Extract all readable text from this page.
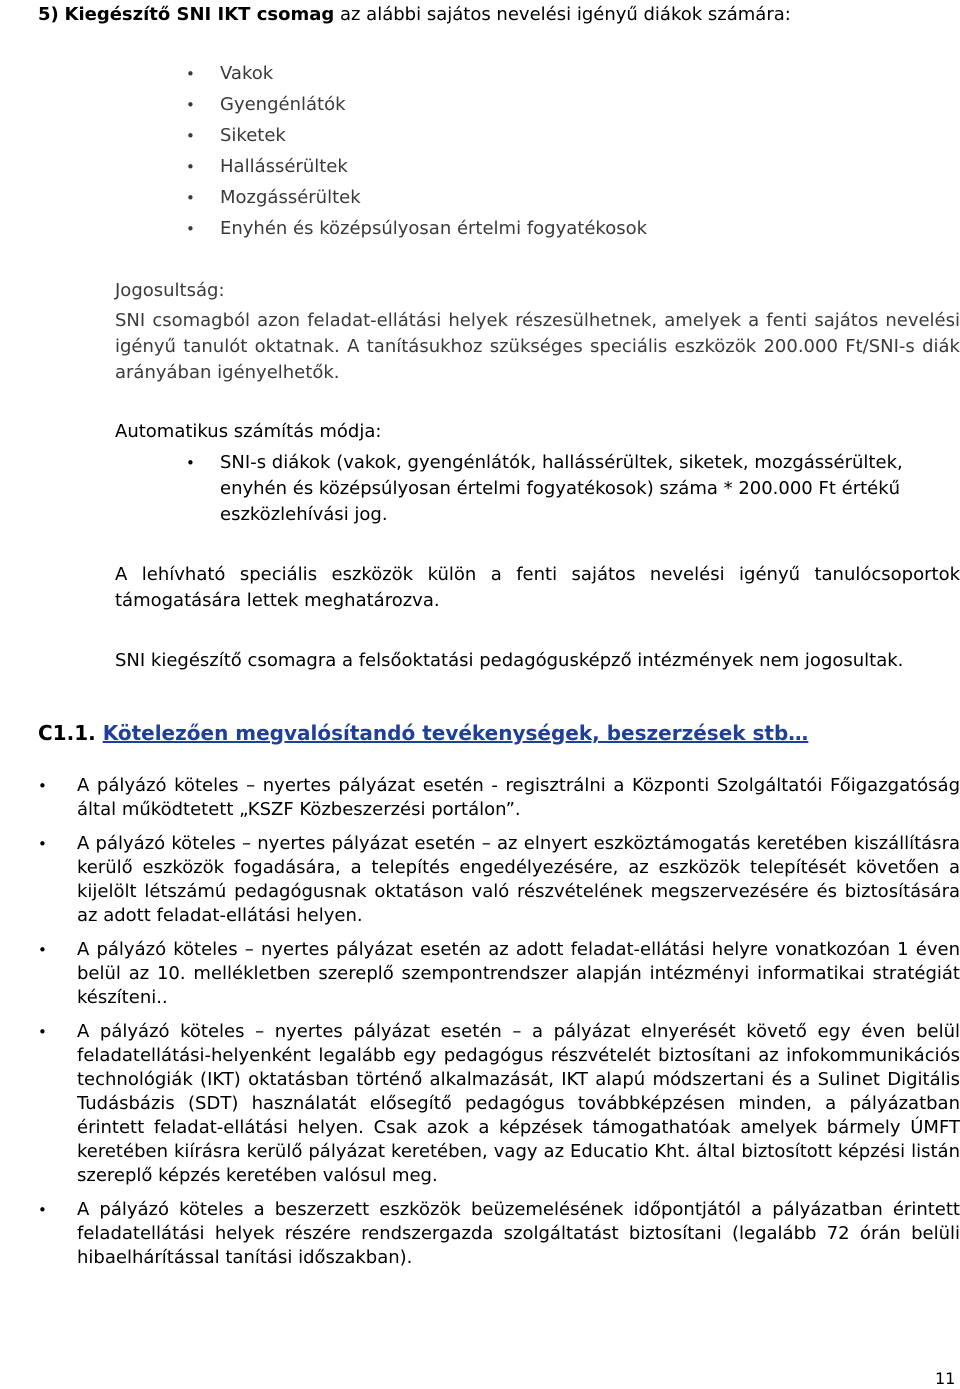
5) Kiegészítő SNI IKT csomag az alábbi sajátos nevelési igényű diákok számára:
• Vakok
• Gyengénlátók
• Siketek
• Hallássérültek
• Mozgássérültek
• Enyhén és középsúlyosan értelmi fogyatékosok

Jogosultság:

SNI csomagból azon feladat-ellátási helyek részesülhetnek, amelyek a fenti sajátos nevelési igényű tanulót oktatnak. A tanításukhoz szükséges speciális eszközök 200.000 Ft/SNI-s diák arányában igényelhetők.

Automatikus számítás módja:

• SNI-s diákok (vakok, gyengénlátók, hallássérültek, siketek, mozgássérültek, enyhén és középsúlyosan értelmi fogyatékosok) száma * 200.000 Ft értékű eszközlehívási jog.

A lehívható speciális eszközök külön a fenti sajátos nevelési igényű tanulócsoportok támogatására lettek meghatározva.

SNI kiegészítő csomagra a felsőoktatási pedagógusképző intézmények nem jogosultak.

C1.1. Kötelezően megvalósítandó tevékenységek, beszerzések stb…
• A pályázó köteles – nyertes pályázat esetén - regisztrálni a Központi Szolgáltatói Főigazgatóság által működtetett „KSZF Közbeszerzési portálon”.
• A pályázó köteles – nyertes pályázat esetén – az elnyert eszköztámogatás keretében kiszállításra kerülő eszközök fogadására, a telepítés engedélyezésére, az eszközök telepítését követően a kijelölt létszámú pedagógusnak oktatáson való részvételének megszervezésére és biztosítására az adott feladat-ellátási helyen.
• A pályázó köteles – nyertes pályázat esetén az adott feladat-ellátási helyre vonatkozóan 1 éven belül az 10. mellékletben szereplő szempontrendszer alapján intézményi informatikai stratégiát készíteni..
• A pályázó köteles – nyertes pályázat esetén – a pályázat elnyerését követő egy éven belül feladatellátási-helyenként legalább egy pedagógus részvételét biztosítani az infokommunikációs technológiák (IKT) oktatásban történő alkalmazását, IKT alapú módszertani és a Sulinet Digitális Tudásbázis (SDT) használatát elősegítő pedagógus továbbképzésen minden, a pályázatban érintett feladat-ellátási helyen. Csak azok a képzések támogathatóak amelyek bármely ÚMFT keretében kiírásra kerülő pályázat keretében, vagy az Educatio Kht. által biztosított képzési listán szereplő képzés keretében valósul meg.
• A pályázó köteles a beszerzett eszközök beüzemelésének időpontjától a pályázatban érintett feladatellátási helyek részére rendszergazda szolgáltatást biztosítani (legalább 72 órán belüli hibaelhárítással tanítási időszakban).
11
